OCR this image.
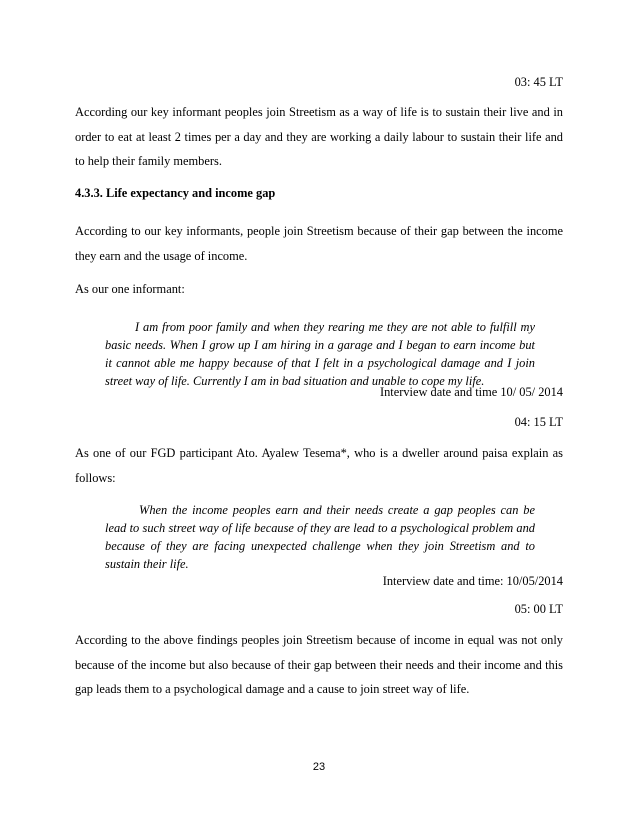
03: 45 LT
According our key informant peoples join Streetism as a way of life is to sustain their live and in order to eat at least 2 times per a day and they are working a daily labour to sustain their life and to help their family members.
4.3.3. Life expectancy and income gap
According to our key informants, people join Streetism because of their gap between the income they earn and the usage of income.
As our one informant:
I am from poor family and when they rearing me they are not able to fulfill my basic needs. When I grow up I am hiring in a garage and I began to earn income but it cannot able me happy because of that I felt in a psychological damage and I join street way of life. Currently I am in bad situation and unable to cope my life.
Interview date and time 10/ 05/ 2014
04: 15 LT
As one of our FGD participant Ato. Ayalew Tesema*, who is a dweller around paisa explain as follows:
When the income peoples earn and their needs create a gap peoples can be lead to such street way of life because of they are lead to a psychological problem and because of they are facing unexpected challenge when they join Streetism and to sustain their life.
Interview date and time: 10/05/2014
05: 00 LT
According to the above findings peoples join Streetism because of income in equal was not only because of the income but also because of their gap between their needs and their income and this gap leads them to a psychological damage and a cause to join street way of life.
23
